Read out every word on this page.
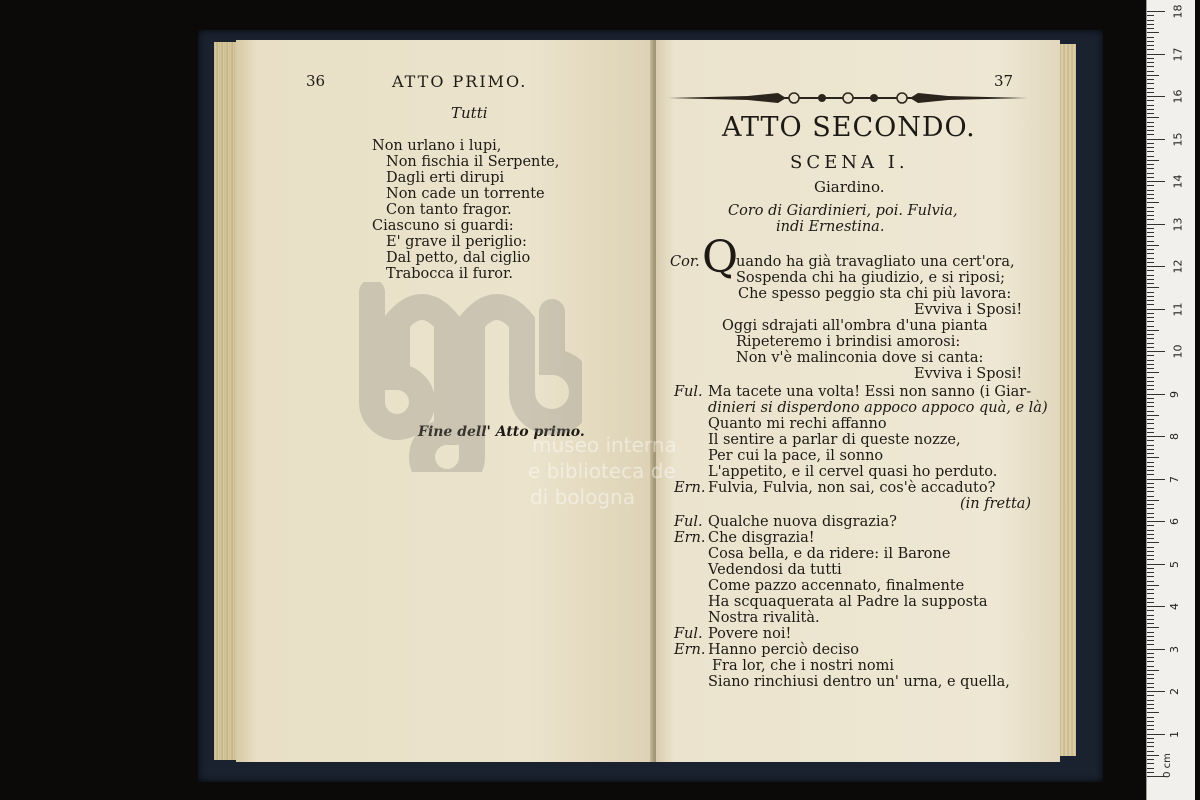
36	ATTO PRIMO.
Tutti
Non urlano i lupi,
Non fischia il Serpente,
Dagli erti dirupi
Non cade un torrente
Con tanto fragor.
Ciascuno si guardi:
E' grave il periglio:
Dal petto, dal ciglio
Trabocca il furor.
Fine dell' Atto primo.
37
ATTO SECONDO.
SCENA I.
Giardino.
Coro di Giardinieri, poi. Fulvia,
indi Ernestina.
Q
Cor. uando ha già travagliato una cert'ora,
Sospenda chi ha giudizio, e si riposi;
Che spesso peggio sta chi più lavora:
Evviva i Sposi!
Oggi sdrajati all'ombra d'una pianta
Ripeteremo i brindisi amorosi:
Non v'è malinconia dove si canta:
Evviva i Sposi!
Ful. Ma tacete una volta! Essi non sanno (i Giar-
dinieri si disperdono appoco appoco quà, e là)
Quanto mi rechi affanno
Il sentire a parlar di queste nozze,
Per cui la pace, il sonno
L'appetito, e il cervel quasi ho perduto.
Ern. Fulvia, Fulvia, non sai, cos'è accaduto?
(in fretta)
Ful. Qualche nuova disgrazia?
Ern. Che disgrazia!
Cosa bella, e da ridere: il Barone
Vedendosi da tutti
Come pazzo accennato, finalmente
Ha scquaquerata al Padre la supposta
Nostra rivalità.
Ful. Povere noi!
Ern. Hanno perciò deciso
Fra lor, che i nostri nomi
Siano rinchiusi dentro un' urna, e quella,
museo interna
e biblioteca de
di bologna
0 cm
1
2
3
4
5
6
7
8
9
10
11
12
13
14
15
16
17
18
